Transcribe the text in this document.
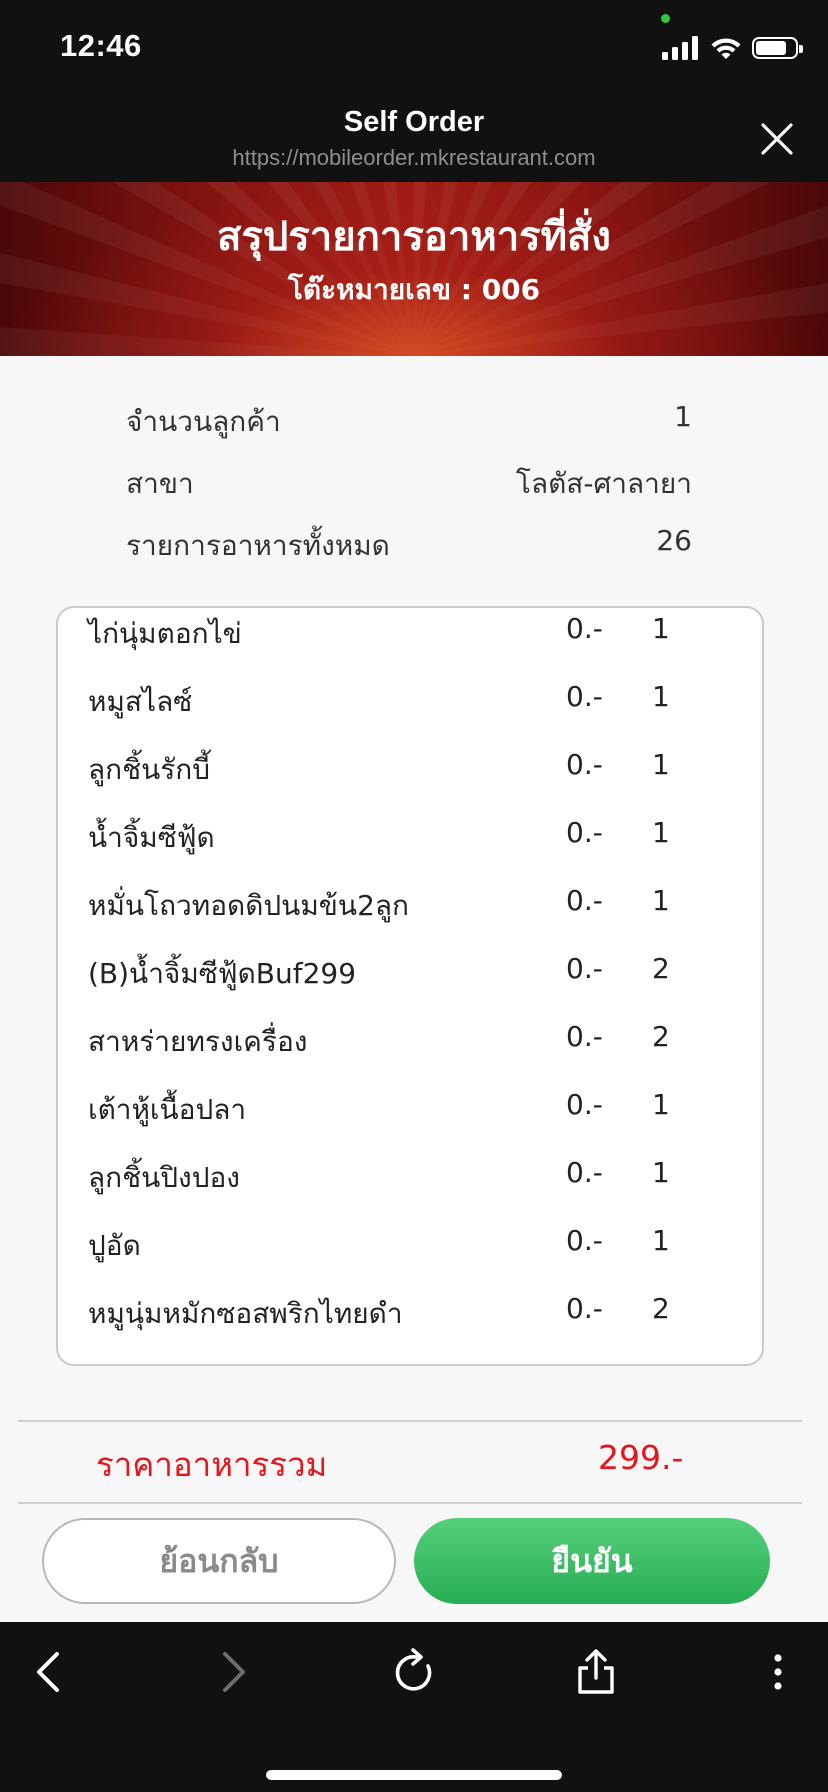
12:46
Self Order
https://mobileorder.mkrestaurant.com
สรุปรายการอาหารที่สั่ง
โต๊ะหมายเลข : 006
จำนวนลูกค้า	1
สาขา	โลตัส-ศาลายา
รายการอาหารทั้งหมด	26
ไก่นุ่มตอกไข่	0.- 1
หมูสไลซ์	0.- 1
ลูกชิ้นรักบี้	0.- 1
น้ำจิ้มซีฟู้ด	0.- 1
หมั่นโถวทอดดิปนมข้น2ลูก	0.- 1
(B)น้ำจิ้มซีฟู้ดBuf299	0.- 2
สาหร่ายทรงเครื่อง	0.- 2
เต้าหู้เนื้อปลา	0.- 1
ลูกชิ้นปิงปอง	0.- 1
ปูอัด	0.- 1
หมูนุ่มหมักซอสพริกไทยดำ	0.- 2
ราคาอาหารรวม	299.-
ย้อนกลับ	ยืนยัน
